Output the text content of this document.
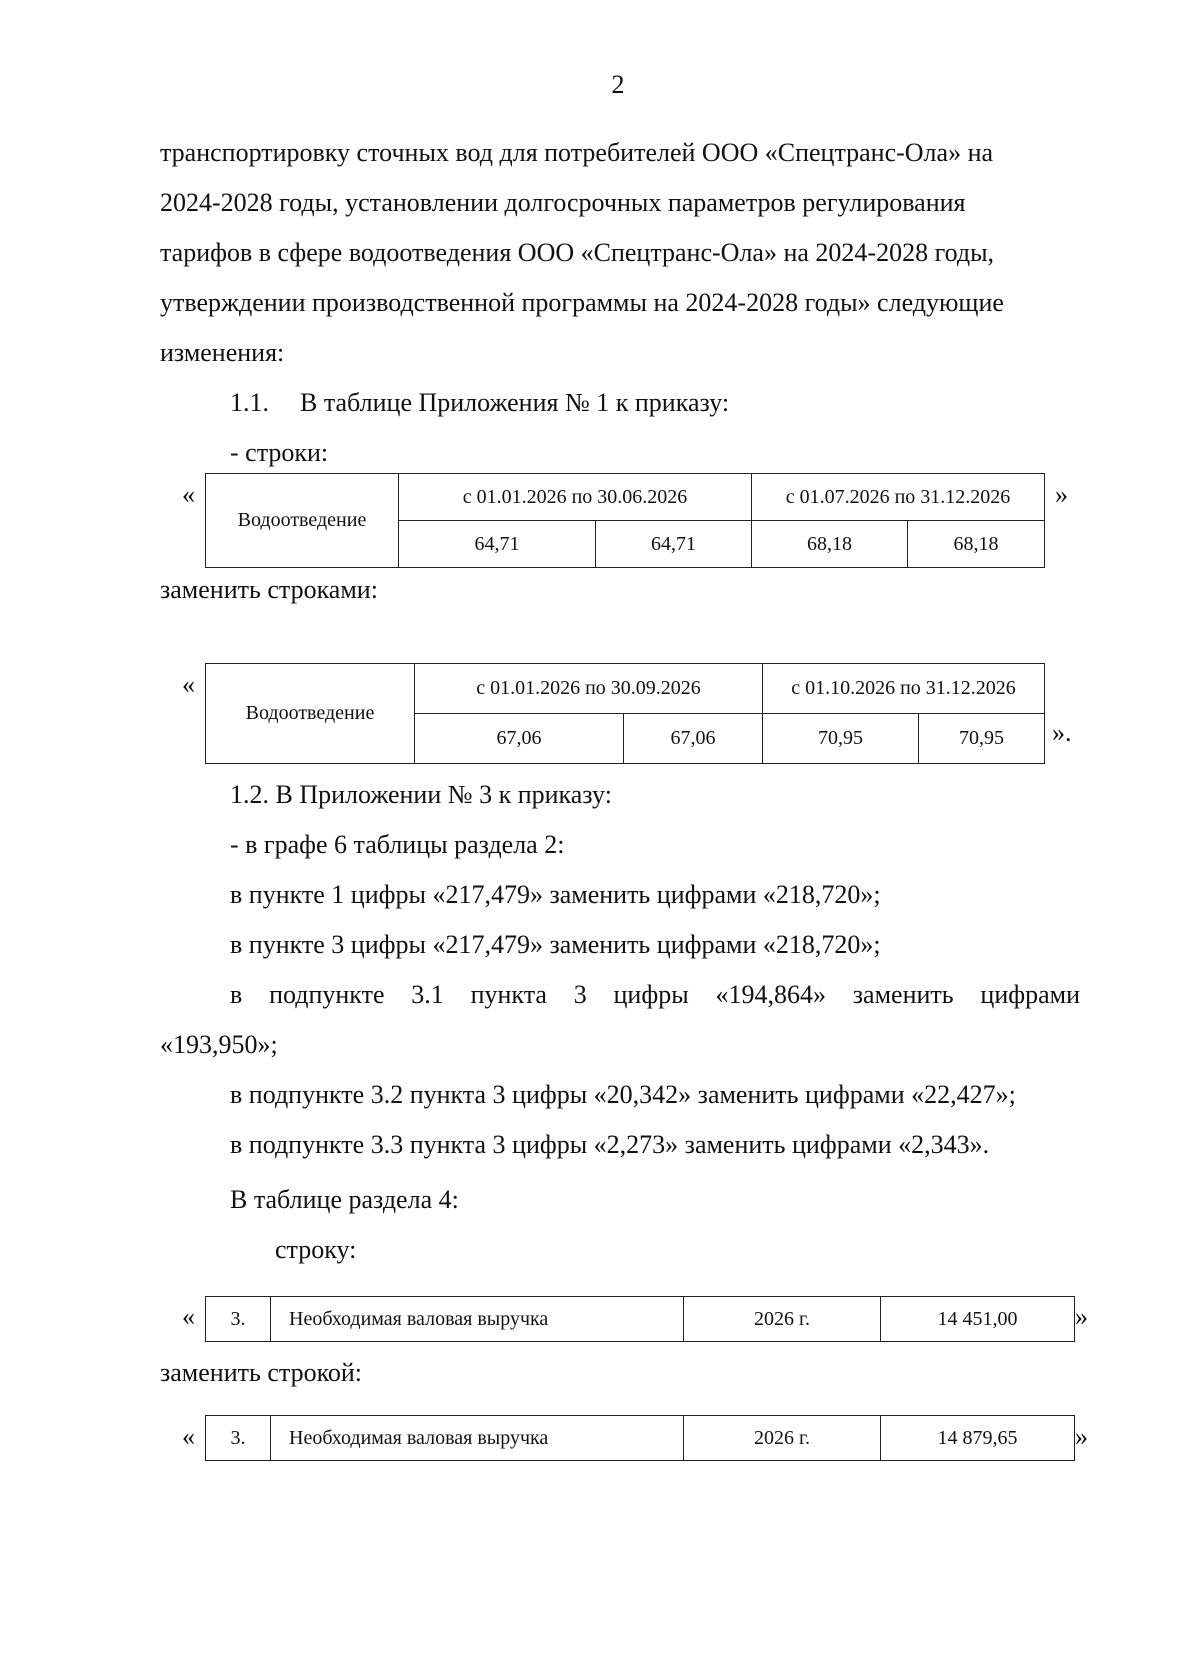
2
транспортировку сточных вод для потребителей ООО «Спецтранс-Ола» на
2024-2028 годы, установлении долгосрочных параметров регулирования
тарифов в сфере водоотведения ООО «Спецтранс-Ола» на 2024-2028 годы,
утверждении производственной программы на 2024-2028 годы» следующие
изменения:
1.1. В таблице Приложения № 1 к приказу:
- строки:
«
Водоотведение	с 01.01.2026 по 30.06.2026		с 01.07.2026 по 31.12.2026	
	64,71	64,71	68,18	68,18
»
заменить строками:
«
Водоотведение	с 01.01.2026 по 30.09.2026		с 01.10.2026 по 31.12.2026	
	67,06	67,06	70,95	70,95 ».
1.2. В Приложении № 3 к приказу:
- в графе 6 таблицы раздела 2:
в пункте 1 цифры «217,479» заменить цифрами «218,720»;
в пункте 3 цифры «217,479» заменить цифрами «218,720»;
в подпункте 3.1 пункта 3 цифры «194,864» заменить цифрами
«193,950»;
в подпункте 3.2 пункта 3 цифры «20,342» заменить цифрами «22,427»;
в подпункте 3.3 пункта 3 цифры «2,273» заменить цифрами «2,343».
В таблице раздела 4:
строку:
« 3.	Необходимая валовая выручка	2026 г.	14 451,00 »
заменить строкой:
« 3.	Необходимая валовая выручка	2026 г.	14 879,65 »
